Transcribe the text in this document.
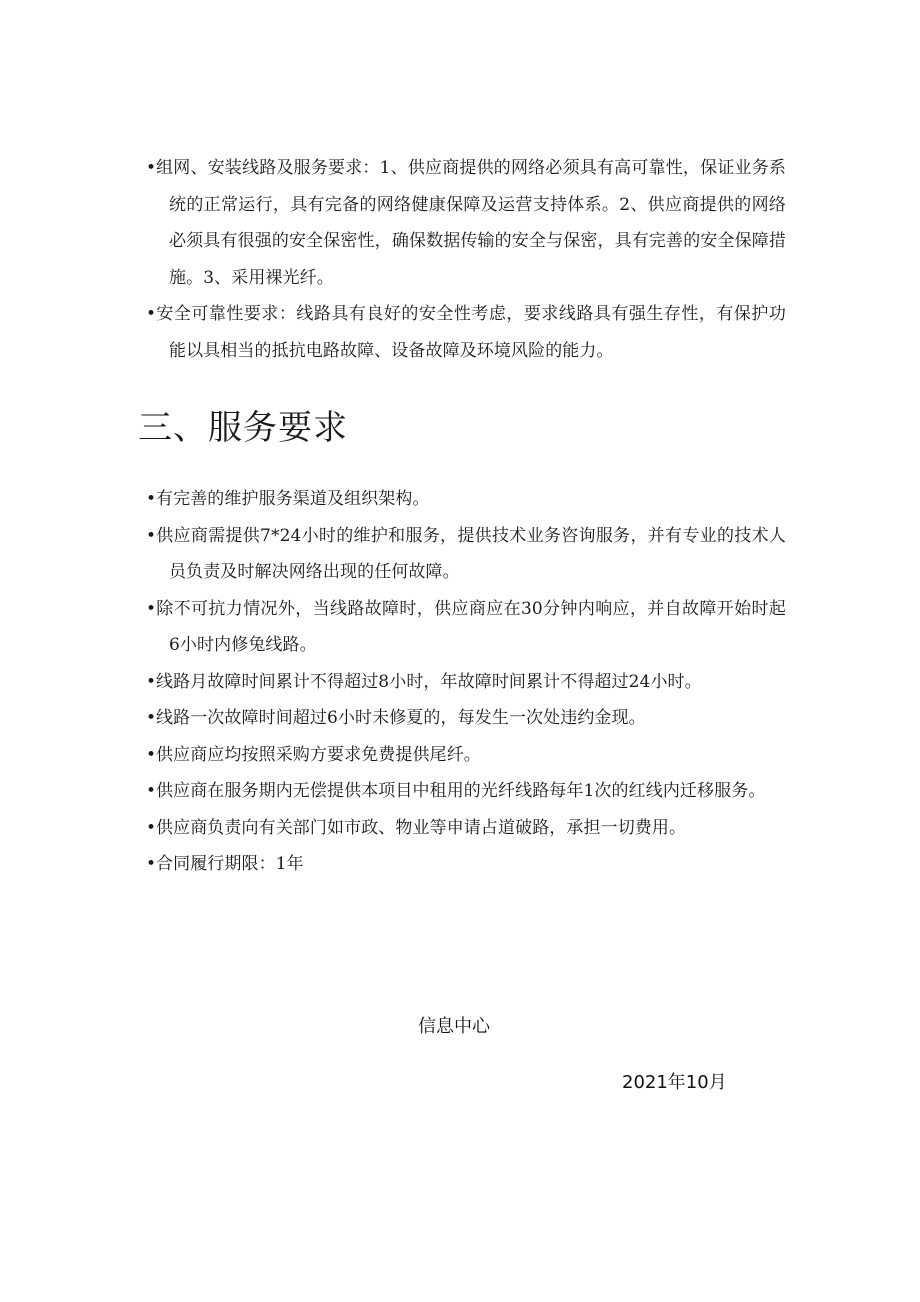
•组网、安装线路及服务要求：1、供应商提供的网络必须具有高可靠性，保证业务系统的正常运行，具有完备的网络健康保障及运营支持体系。2、供应商提供的网络必须具有很强的安全保密性，确保数据传输的安全与保密，具有完善的安全保障措施。3、采用裸光纤。
•安全可靠性要求：线路具有良好的安全性考虑，要求线路具有强生存性，有保护功能以具相当的抵抗电路故障、设备故障及环境风险的能力。
三、服务要求
•有完善的维护服务渠道及组织架构。
•供应商需提供7*24小时的维护和服务，提供技术业务咨询服务，并有专业的技术人员负责及时解决网络出现的任何故障。
•除不可抗力情况外，当线路故障时，供应商应在30分钟内响应，并自故障开始时起6小时内修兔线路。
•线路月故障时间累计不得超过8小时，年故障时间累计不得超过24小时。
•线路一次故障时间超过6小时未修夏的，每发生一次处违约金现。
•供应商应均按照采购方要求免费提供尾纤。
•供应商在服务期内无偿提供本项目中租用的光纤线路每年1次的红线内迁移服务。
•供应商负责向有关部门如市政、物业等申请占道破路，承担一切费用。
•合同履行期限：1年
信息中心
2021年10月
